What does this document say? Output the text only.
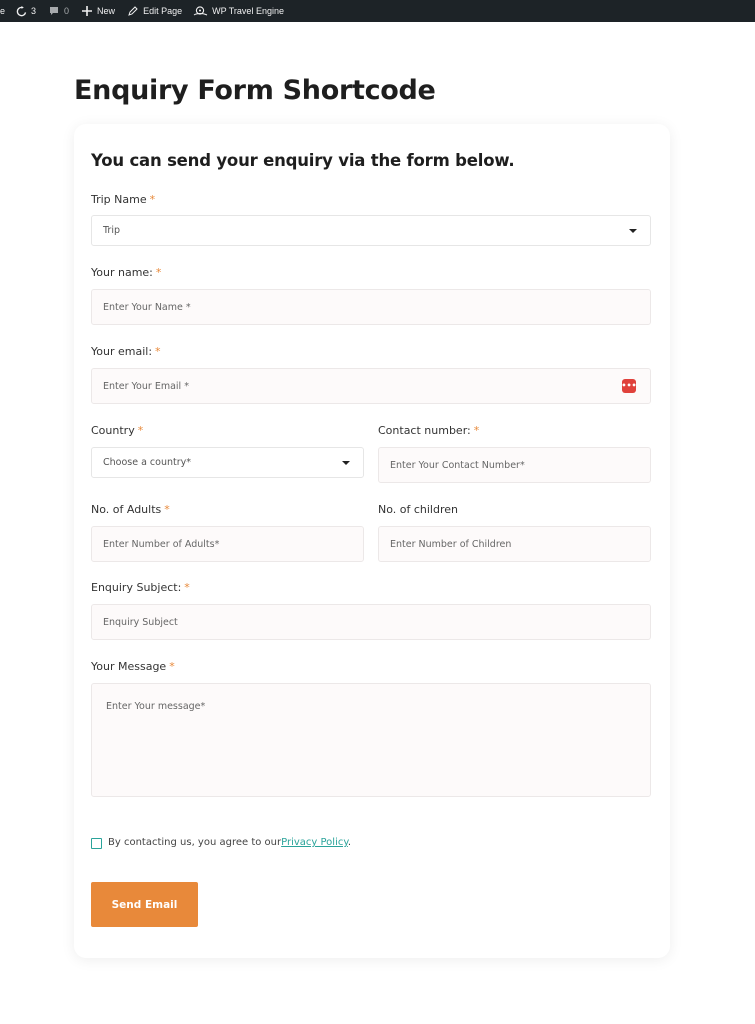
e	3	0	New	Edit Page	WP Travel Engine
Enquiry Form Shortcode
You can send your enquiry via the form below.
Trip Name *
Trip
Your name: *
Enter Your Name *
Your email: *
Enter Your Email *	•••
Country *
Choose a country*
Contact number: *
Enter Your Contact Number*
No. of Adults *
Enter Number of Adults*
No. of children
Enter Number of Children
Enquiry Subject: *
Enquiry Subject
Your Message *
Enter Your message*
By contacting us, you agree to ourPrivacy Policy.
Send Email
